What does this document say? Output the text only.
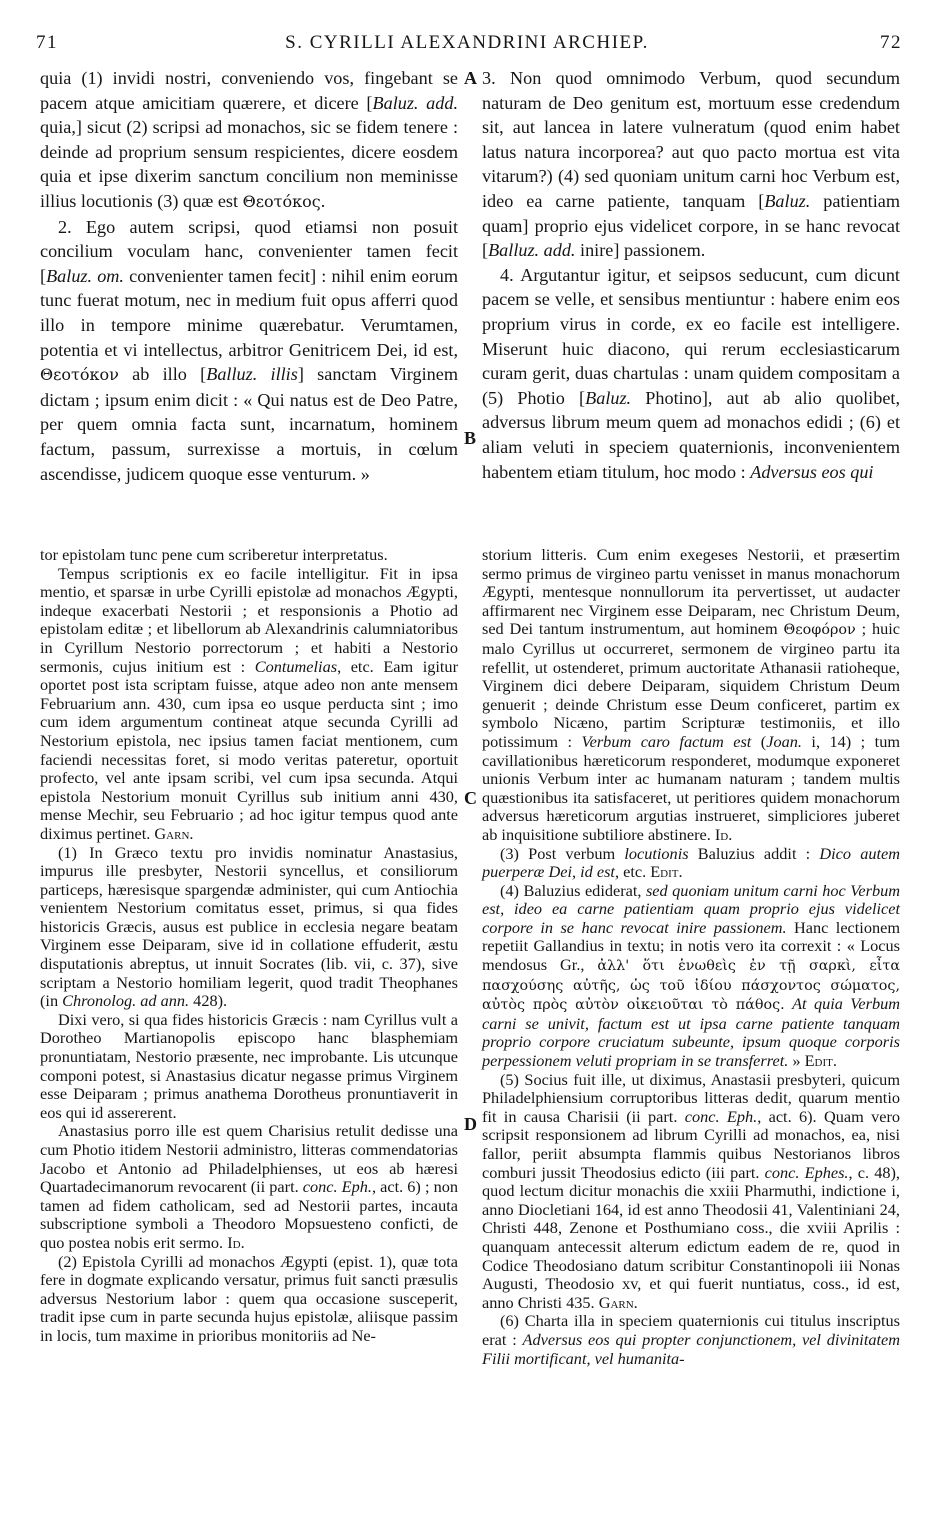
71	S. CYRILLI ALEXANDRINI ARCHIEP.	72

quia (1) invidi nostri, conveniendo vos, fingebant se pacem atque amicitiam quærere, et dicere [Baluz. add. quia,] sicut (2) scripsi ad monachos, sic se fidem tenere : deinde ad proprium sensum respicientes, dicere eosdem quia et ipse dixerim sanctum concilium non meminisse illius locutionis (3) quæ est Θεοτόκος.

2. Ego autem scripsi, quod etiamsi non posuit concilium voculam hanc, convenienter tamen fecit [Baluz. om. convenienter tamen fecit] : nihil enim eorum tunc fuerat motum, nec in medium fuit opus afferri quod illo in tempore minime quærebatur. Verumtamen, potentia et vi intellectus, arbitror Genitricem Dei, id est, Θεοτόκον ab illo [Balluz. illis] sanctam Virginem dictam ; ipsum enim dicit : « Qui natus est de Deo Patre, per quem omnia facta sunt, incarnatum, hominem factum, passum, surrexisse a mortuis, in cœlum ascendisse, judicem quoque esse venturum. »

3. Non quod omnimodo Verbum, quod secundum naturam de Deo genitum est, mortuum esse credendum sit, aut lancea in latere vulneratum (quod enim habet latus natura incorporea? aut quo pacto mortua est vita vitarum?) (4) sed quoniam unitum carni hoc Verbum est, ideo ea carne patiente, tanquam [Baluz. patientiam quam] proprio ejus videlicet corpore, in se hanc revocat [Balluz. add. inire] passionem.

4. Argutantur igitur, et seipsos seducunt, cum dicunt pacem se velle, et sensibus mentiuntur : habere enim eos proprium virus in corde, ex eo facile est intelligere. Miserunt huic diacono, qui rerum ecclesiasticarum curam gerit, duas chartulas : unam quidem compositam a (5) Photio [Baluz. Photino], aut ab alio quolibet, adversus librum meum quem ad monachos edidi ; (6) et aliam veluti in speciem quaternionis, inconvenientem habentem etiam titulum, hoc modo : Adversus eos qui

tor epistolam tunc pene cum scriberetur interpretatus.

Tempus scriptionis ex eo facile intelligitur. Fit in ipsa mentio, et sparsæ in urbe Cyrilli epistolæ ad monachos Ægypti, indeque exacerbati Nestorii ; et responsionis a Photio ad epistolam editæ ; et libellorum ab Alexandrinis calumniatoribus in Cyrillum Nestorio porrectorum ; et habiti a Nestorio sermonis, cujus initium est : Contumelias, etc. Eam igitur oportet post ista scriptam fuisse, atque adeo non ante mensem Februarium ann. 430, cum ipsa eo usque perducta sint ; imo cum idem argumentum contineat atque secunda Cyrilli ad Nestorium epistola, nec ipsius tamen faciat mentionem, cum faciendi necessitas foret, si modo veritas pateretur, oportuit profecto, vel ante ipsam scribi, vel cum ipsa secunda. Atqui epistola Nestorium monuit Cyrillus sub initium anni 430, mense Mechir, seu Februario ; ad hoc igitur tempus quod ante diximus pertinet. Garn.

(1) In Græco textu pro invidis nominatur Anastasius, impurus ille presbyter, Nestorii syncellus, et consiliorum particeps, hæresisque spargendæ administer, qui cum Antiochia venientem Nestorium comitatus esset, primus, si qua fides historicis Græcis, ausus est publice in ecclesia negare beatam Virginem esse Deiparam, sive id in collatione effuderit, æstu disputationis abreptus, ut innuit Socrates (lib. vii, c. 37), sive scriptam a Nestorio homiliam legerit, quod tradit Theophanes (in Chronolog. ad ann. 428).

Dixi vero, si qua fides historicis Græcis : nam Cyrillus vult a Dorotheo Martianopolis episcopo hanc blasphemiam pronuntiatam, Nestorio præsente, nec improbante. Lis utcunque componi potest, si Anastasius dicatur negasse primus Virginem esse Deiparam ; primus anathema Dorotheus pronuntiaverit in eos qui id assererent.

Anastasius porro ille est quem Charisius retulit dedisse una cum Photio itidem Nestorii administro, litteras commendatorias Jacobo et Antonio ad Philadelphienses, ut eos ab hæresi Quartadecimanorum revocarent (ii part. conc. Eph., act. 6) ; non tamen ad fidem catholicam, sed ad Nestorii partes, incauta subscriptione symboli a Theodoro Mopsuesteno conficti, de quo postea nobis erit sermo. Id.

(2) Epistola Cyrilli ad monachos Ægypti (epist. 1), quæ tota fere in dogmate explicando versatur, primus fuit sancti præsulis adversus Nestorium labor : quem qua occasione susceperit, tradit ipse cum in parte secunda hujus epistolæ, aliisque passim in locis, tum maxime in prioribus monitoriis ad Ne-

storium litteris. Cum enim exegeses Nestorii, et præsertim sermo primus de virgineo partu venisset in manus monachorum Ægypti, mentesque nonnullorum ita pervertisset, ut audacter affirmarent nec Virginem esse Deiparam, nec Christum Deum, sed Dei tantum instrumentum, aut hominem Θεοφόρον ; huic malo Cyrillus ut occurreret, sermonem de virgineo partu ita refellit, ut ostenderet, primum auctoritate Athanasii ratioheque, Virginem dici debere Deiparam, siquidem Christum Deum genuerit ; deinde Christum esse Deum conficeret, partim ex symbolo Nicæno, partim Scripturæ testimoniis, et illo potissimum : Verbum caro factum est (Joan. i, 14) ; tum cavillationibus hæreticorum responderet, modumque exponeret unionis Verbum inter ac humanam naturam ; tandem multis quæstionibus ita satisfaceret, ut peritiores quidem monachorum adversus hæreticorum argutias instrueret, simpliciores juberet ab inquisitione subtiliore abstinere. Id.

(3) Post verbum locutionis Baluzius addit : Dico autem puerperæ Dei, id est, etc. Edit.

(4) Baluzius ediderat, sed quoniam unitum carni hoc Verbum est, ideo ea carne patientiam quam proprio ejus videlicet corpore in se hanc revocat inire passionem. Hanc lectionem repetiit Gallandius in textu; in notis vero ita correxit : « Locus mendosus Gr., ἀλλ' ὅτι ἑνωθεὶς ἐν τῇ σαρκὶ, εἶτα πασχούσης αὐτῆς, ὡς τοῦ ἰδίου πάσχοντος σώματος, αὐτὸς πρὸς αὐτὸν οἰκειοῦται τὸ πάθος. At quia Verbum carni se univit, factum est ut ipsa carne patiente tanquam proprio corpore cruciatum subeunte, ipsum quoque corporis perpessionem veluti propriam in se transferret. » Edit.

(5) Socius fuit ille, ut diximus, Anastasii presbyteri, quicum Philadelphiensium corruptoribus litteras dedit, quarum mentio fit in causa Charisii (ii part. conc. Eph., act. 6). Quam vero scripsit responsionem ad librum Cyrilli ad monachos, ea, nisi fallor, periit absumpta flammis quibus Nestorianos libros comburi jussit Theodosius edicto (iii part. conc. Ephes., c. 48), quod lectum dicitur monachis die xxiii Pharmuthi, indictione i, anno Diocletiani 164, id est anno Theodosii 41, Valentiniani 24, Christi 448, Zenone et Posthumiano coss., die xviii Aprilis : quanquam antecessit alterum edictum eadem de re, quod in Codice Theodosiano datum scribitur Constantinopoli iii Nonas Augusti, Theodosio xv, et qui fuerit nuntiatus, coss., id est, anno Christi 435. Garn.

(6) Charta illa in speciem quaternionis cui titulus inscriptus erat : Adversus eos qui propter conjunctionem, vel divinitatem Filii mortificant, vel humanita-

A
B
C
D
